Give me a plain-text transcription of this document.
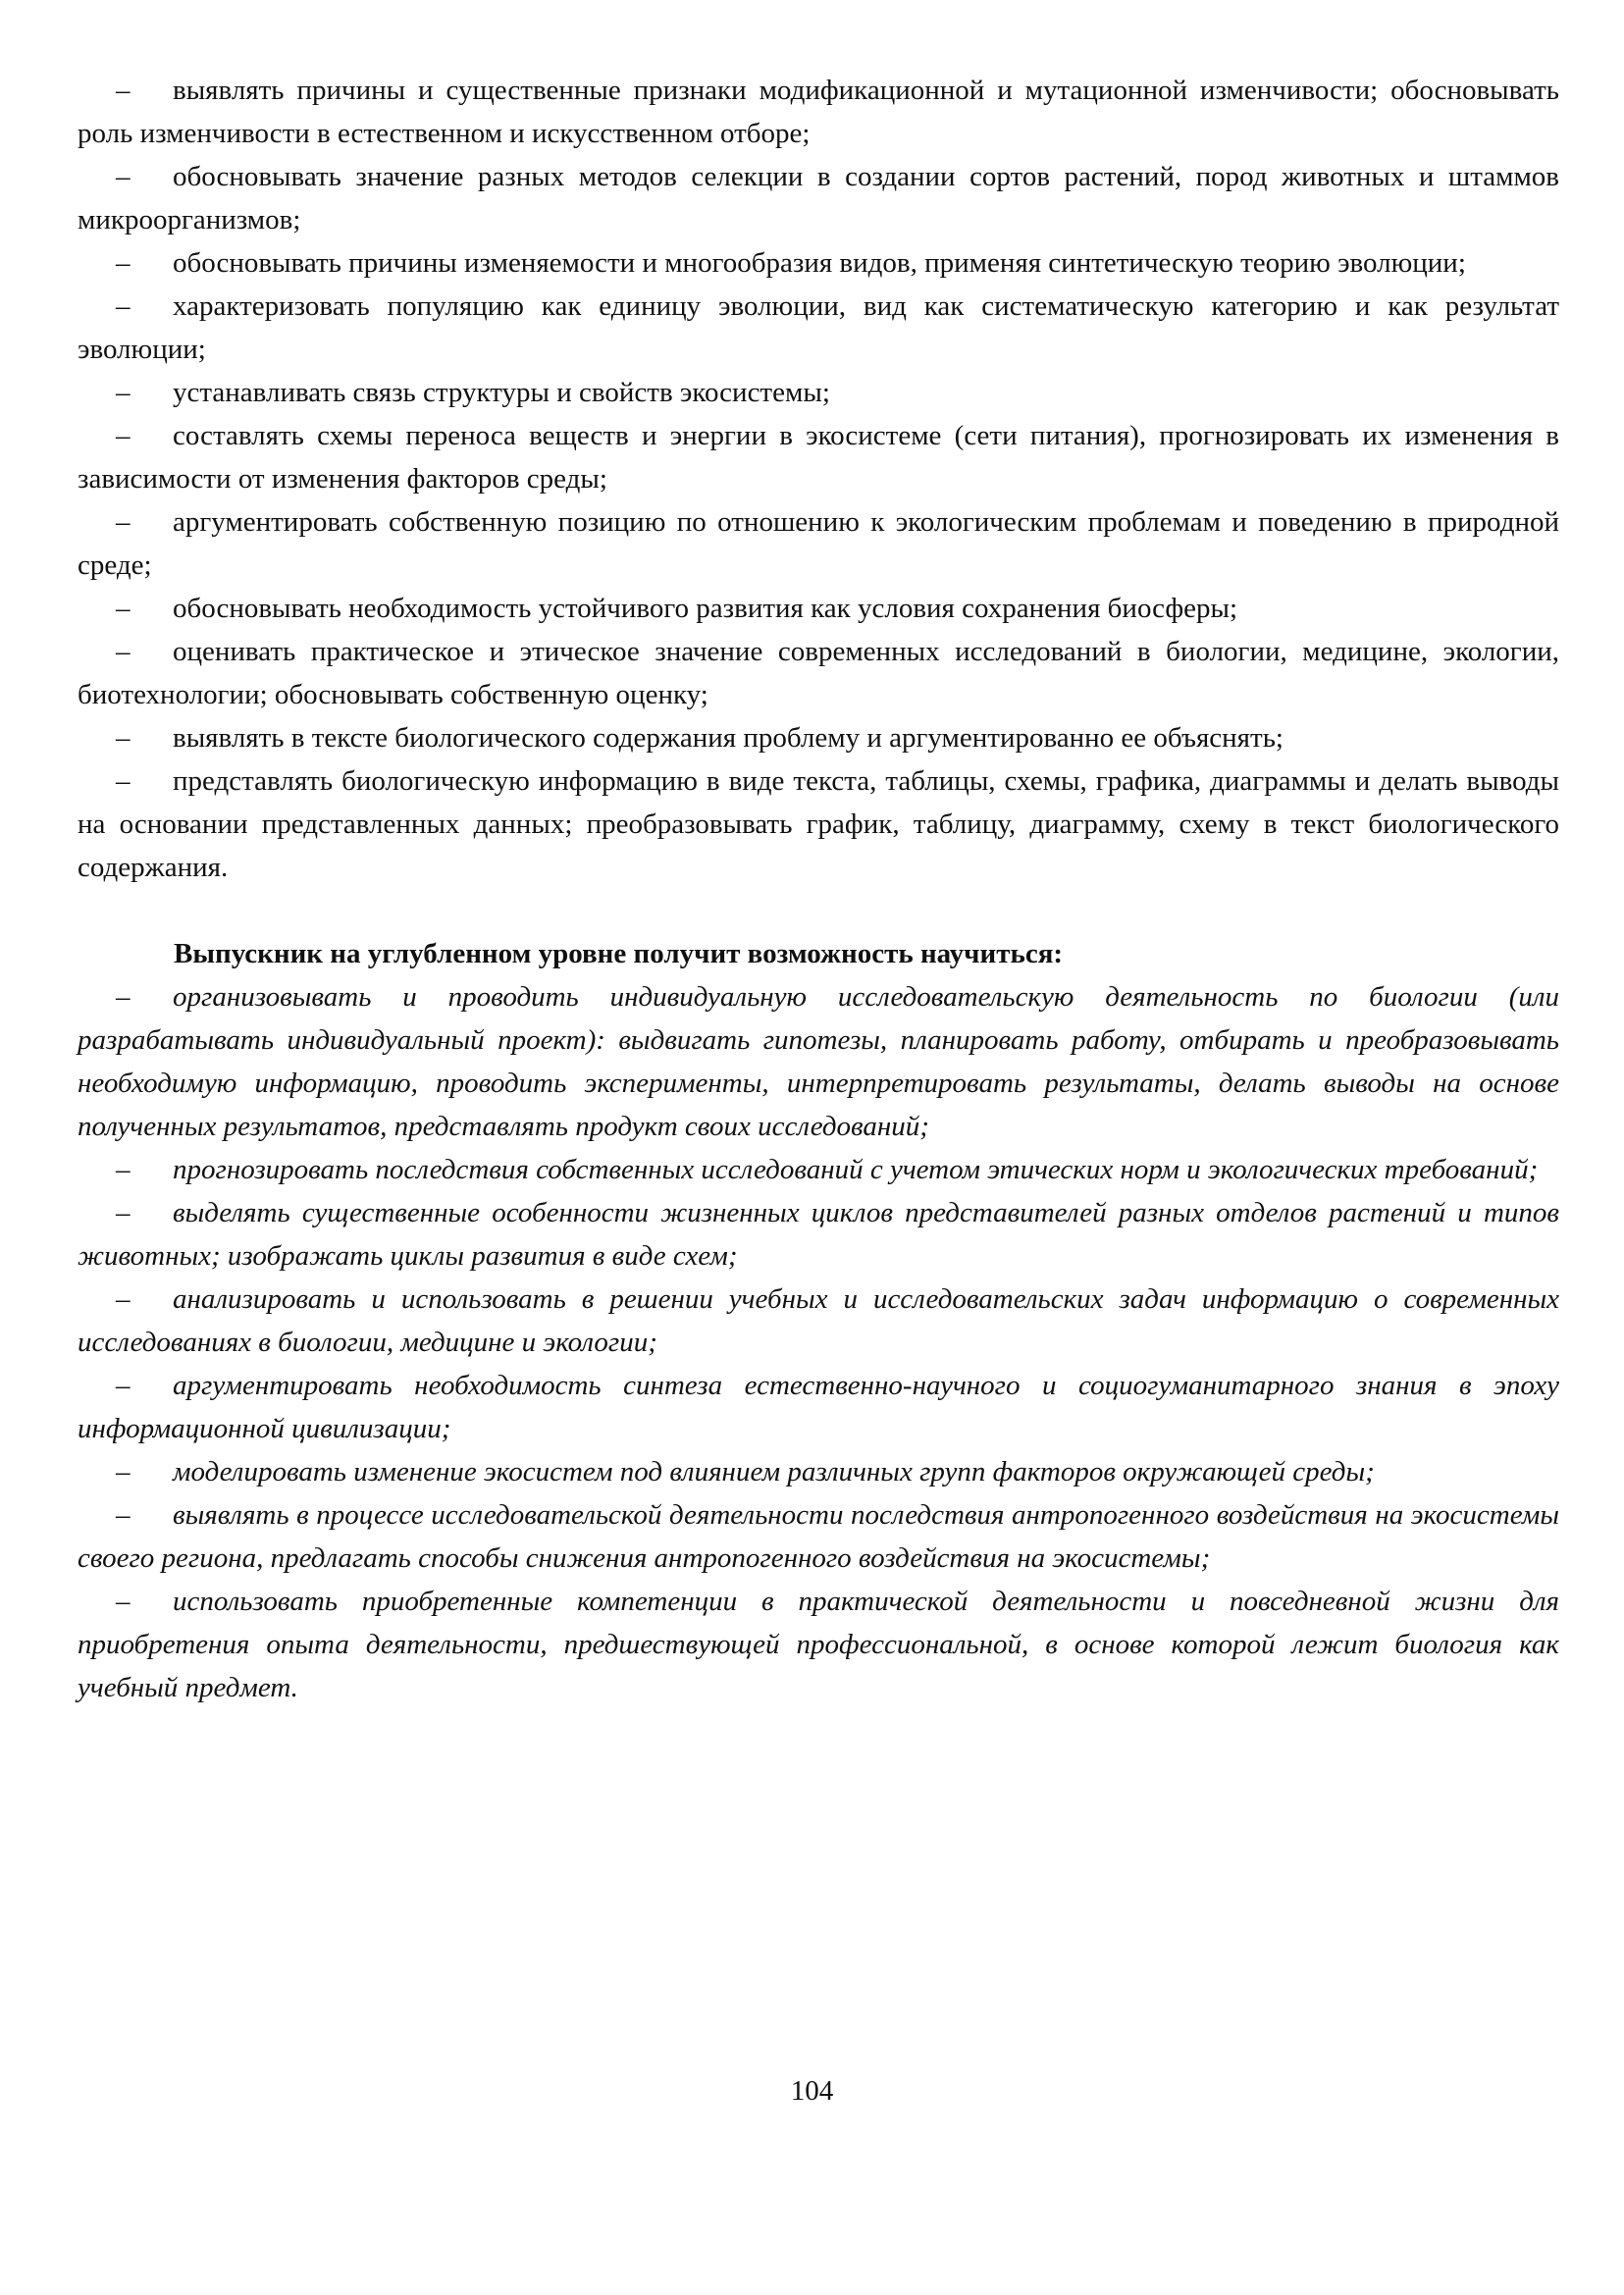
– выявлять причины и существенные признаки модификационной и мутационной изменчивости; обосновывать роль изменчивости в естественном и искусственном отборе;

– обосновывать значение разных методов селекции в создании сортов растений, пород животных и штаммов микроорганизмов;

– обосновывать причины изменяемости и многообразия видов, применяя синтетическую теорию эволюции;

– характеризовать популяцию как единицу эволюции, вид как систематическую категорию и как результат эволюции;

– устанавливать связь структуры и свойств экосистемы;

– составлять схемы переноса веществ и энергии в экосистеме (сети питания), прогнозировать их изменения в зависимости от изменения факторов среды;

– аргументировать собственную позицию по отношению к экологическим проблемам и поведению в природной среде;

– обосновывать необходимость устойчивого развития как условия сохранения биосферы;

– оценивать практическое и этическое значение современных исследований в биологии, медицине, экологии, биотехнологии; обосновывать собственную оценку;

– выявлять в тексте биологического содержания проблему и аргументированно ее объяснять;

– представлять биологическую информацию в виде текста, таблицы, схемы, графика, диаграммы и делать выводы на основании представленных данных; преобразовывать график, таблицу, диаграмму, схему в текст биологического содержания.

Выпускник на углубленном уровне получит возможность научиться:

– организовывать и проводить индивидуальную исследовательскую деятельность по биологии (или разрабатывать индивидуальный проект): выдвигать гипотезы, планировать работу, отбирать и преобразовывать необходимую информацию, проводить эксперименты, интерпретировать результаты, делать выводы на основе полученных результатов, представлять продукт своих исследований;

– прогнозировать последствия собственных исследований с учетом этических норм и экологических требований;

– выделять существенные особенности жизненных циклов представителей разных отделов растений и типов животных; изображать циклы развития в виде схем;

– анализировать и использовать в решении учебных и исследовательских задач информацию о современных исследованиях в биологии, медицине и экологии;

– аргументировать необходимость синтеза естественно-научного и социогуманитарного знания в эпоху информационной цивилизации;

– моделировать изменение экосистем под влиянием различных групп факторов окружающей среды;

– выявлять в процессе исследовательской деятельности последствия антропогенного воздействия на экосистемы своего региона, предлагать способы снижения антропогенного воздействия на экосистемы;

– использовать приобретенные компетенции в практической деятельности и повседневной жизни для приобретения опыта деятельности, предшествующей профессиональной, в основе которой лежит биология как учебный предмет.

104
